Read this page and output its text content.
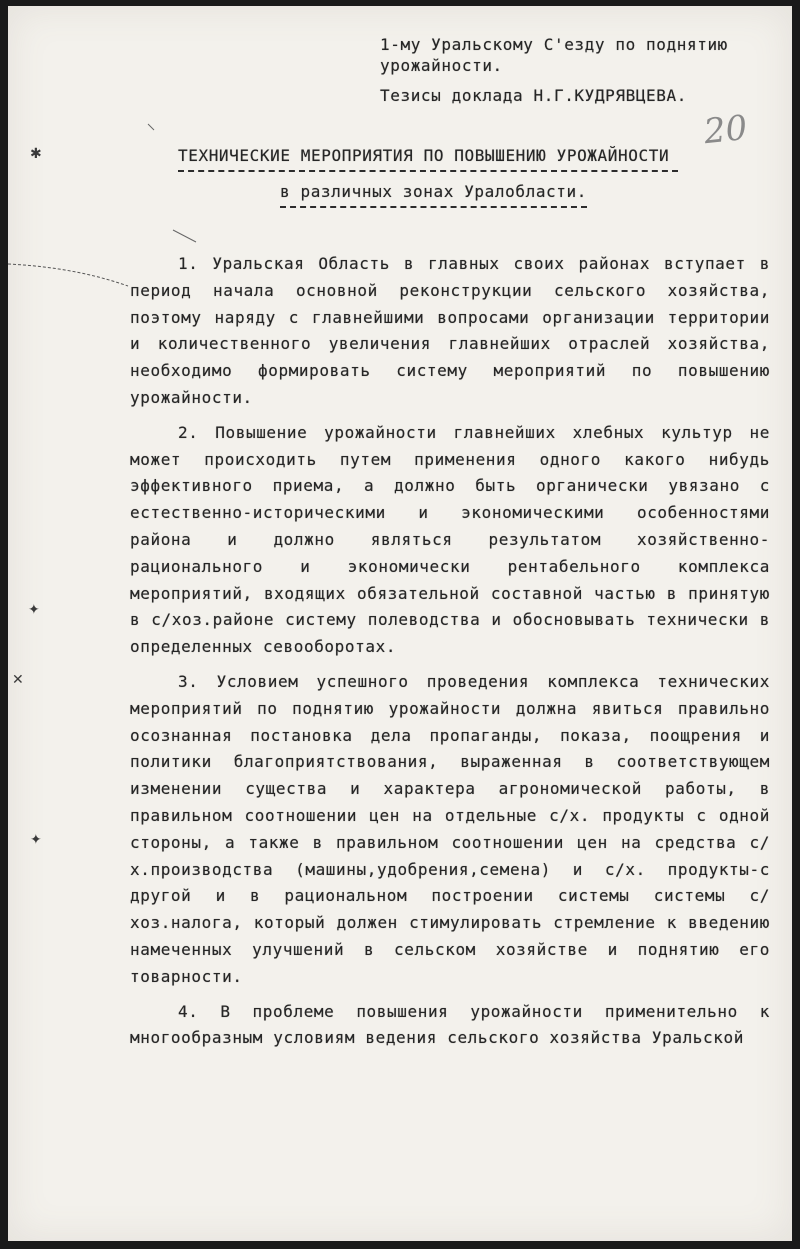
✱
✦
✕
✦
1-му Уральскому С'езду по поднятию урожайности.
Тезисы доклада Н.Г.КУДРЯВЦЕВА.
20
ТЕХНИЧЕСКИЕ МЕРОПРИЯТИЯ ПО ПОВЫШЕНИЮ УРОЖАЙНОСТИ
в различных зонах Уралобласти.

1. Уральская Область в главных своих районах вступает в период начала основной реконструкции сельского хозяйства, поэтому наряду с главнейшими вопросами организации территории и количественного увеличения главнейших отраслей хозяйства, необходимо формировать систему мероприятий по повышению урожайности.

2. Повышение урожайности главнейших хлебных культур не может происходить путем применения одного какого нибудь эффективного приема, а должно быть органически увязано с естественно-историческими и экономическими особенностями района и должно являться результатом хозяйственно-рационального и экономически рентабельного комплекса мероприятий, входящих обязательной составной частью в принятую в с/хоз.районе систему полеводства и обосновывать технически в определенных севооборотах.

3. Условием успешного проведения комплекса технических мероприятий по поднятию урожайности должна явиться правильно осознанная постановка дела пропаганды, показа, поощрения и политики благоприятствования, выраженная в соответствующем изменении существа и характера агрономической работы, в правильном соотношении цен на отдельные с/х. продукты с одной стороны, а также в правильном соотношении цен на средства с/х.производства (машины,удобрения,семена) и с/х. продукты-с другой и в рациональном построении системы системы с/хоз.налога, который должен стимулировать стремление к введению намеченных улучшений в сельском хозяйстве и поднятию его товарности.

4. В проблеме повышения урожайности применительно к многообразным условиям ведения сельского хозяйства Уральской
